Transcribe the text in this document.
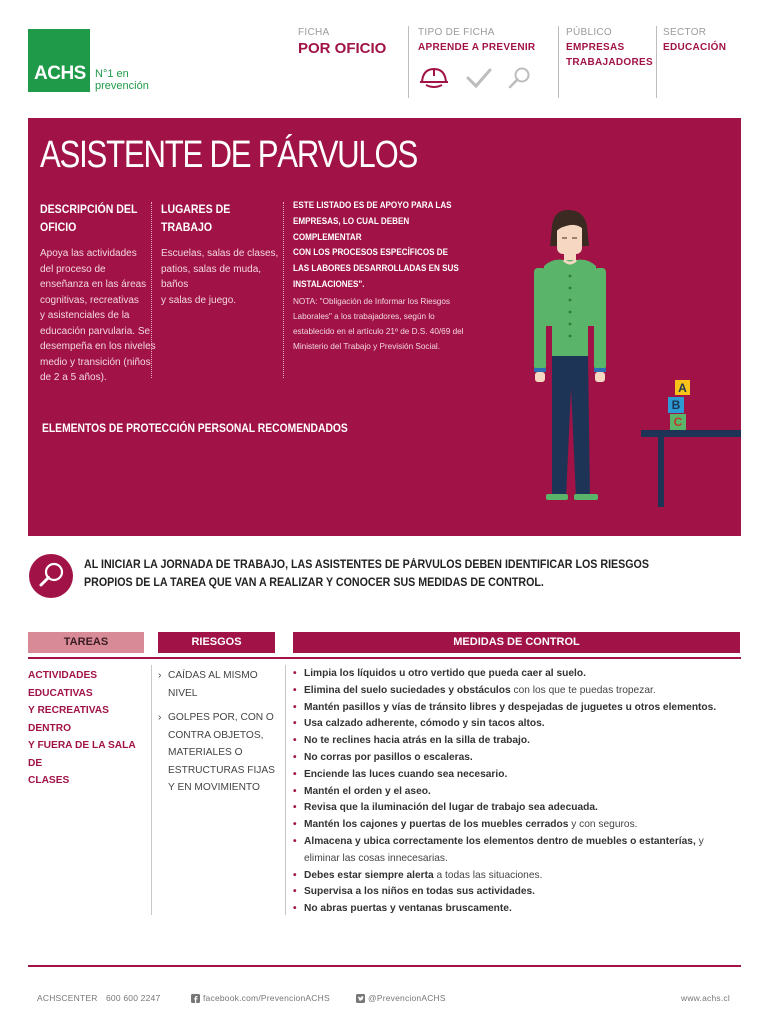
ACHS N°1 en
prevención
FICHA
POR OFICIO
TIPO DE FICHA
APRENDE A PREVENIR
PÚBLICO
EMPRESAS
TRABAJADORES
SECTOR
EDUCACIÓN
ASISTENTE DE PÁRVULOS
DESCRIPCIÓN DEL
OFICIO
Apoya las actividades
del proceso de
enseñanza en las áreas
cognitivas, recreativas
y asistenciales de la
educación parvularia. Se
desempeña en los niveles
medio y transición (niños
de 2 a 5 años).
LUGARES DE
TRABAJO
Escuelas, salas de clases,
patios, salas de muda, baños
y salas de juego.
ESTE LISTADO ES DE APOYO PARA LAS
EMPRESAS, LO CUAL DEBEN COMPLEMENTAR
CON LOS PROCESOS ESPECÍFICOS DE
LAS LABORES DESARROLLADAS EN SUS
INSTALACIONES".
NOTA: "Obligación de Informar los Riesgos
Laborales" a los trabajadores, según lo
establecido en el artículo 21º de D.S. 40/69 del
Ministerio del Trabajo y Previsión Social.
ELEMENTOS DE PROTECCIÓN PERSONAL RECOMENDADOS
A
B
C
AL INICIAR LA JORNADA DE TRABAJO, LAS ASISTENTES DE PÁRVULOS DEBEN IDENTIFICAR LOS RIESGOS PROPIOS DE LA TAREA QUE VAN A REALIZAR Y CONOCER SUS MEDIDAS DE CONTROL.
TAREAS	RIESGOS	MEDIDAS DE CONTROL
ACTIVIDADES EDUCATIVAS
Y RECREATIVAS DENTRO
Y FUERA DE LA SALA DE
CLASES
› CAÍDAS AL MISMO NIVEL
› GOLPES POR, CON O CONTRA OBJETOS, MATERIALES O ESTRUCTURAS FIJAS Y EN MOVIMIENTO
• Limpia los líquidos u otro vertido que pueda caer al suelo.
• Elimina del suelo suciedades y obstáculos con los que te puedas tropezar.
• Mantén pasillos y vías de tránsito libres y despejadas de juguetes u otros elementos.
• Usa calzado adherente, cómodo y sin tacos altos.
• No te reclines hacia atrás en la silla de trabajo.
• No corras por pasillos o escaleras.
• Enciende las luces cuando sea necesario.
• Mantén el orden y el aseo.
• Revisa que la iluminación del lugar de trabajo sea adecuada.
• Mantén los cajones y puertas de los muebles cerrados y con seguros.
• Almacena y ubica correctamente los elementos dentro de muebles o estanterías, y eliminar las cosas innecesarias.
• Debes estar siempre alerta a todas las situaciones.
• Supervisa a los niños en todas sus actividades.
• No abras puertas y ventanas bruscamente.
ACHSCENTER 600 600 2247	facebook.com/PrevencionACHS	@PrevencionACHS	www.achs.cl
